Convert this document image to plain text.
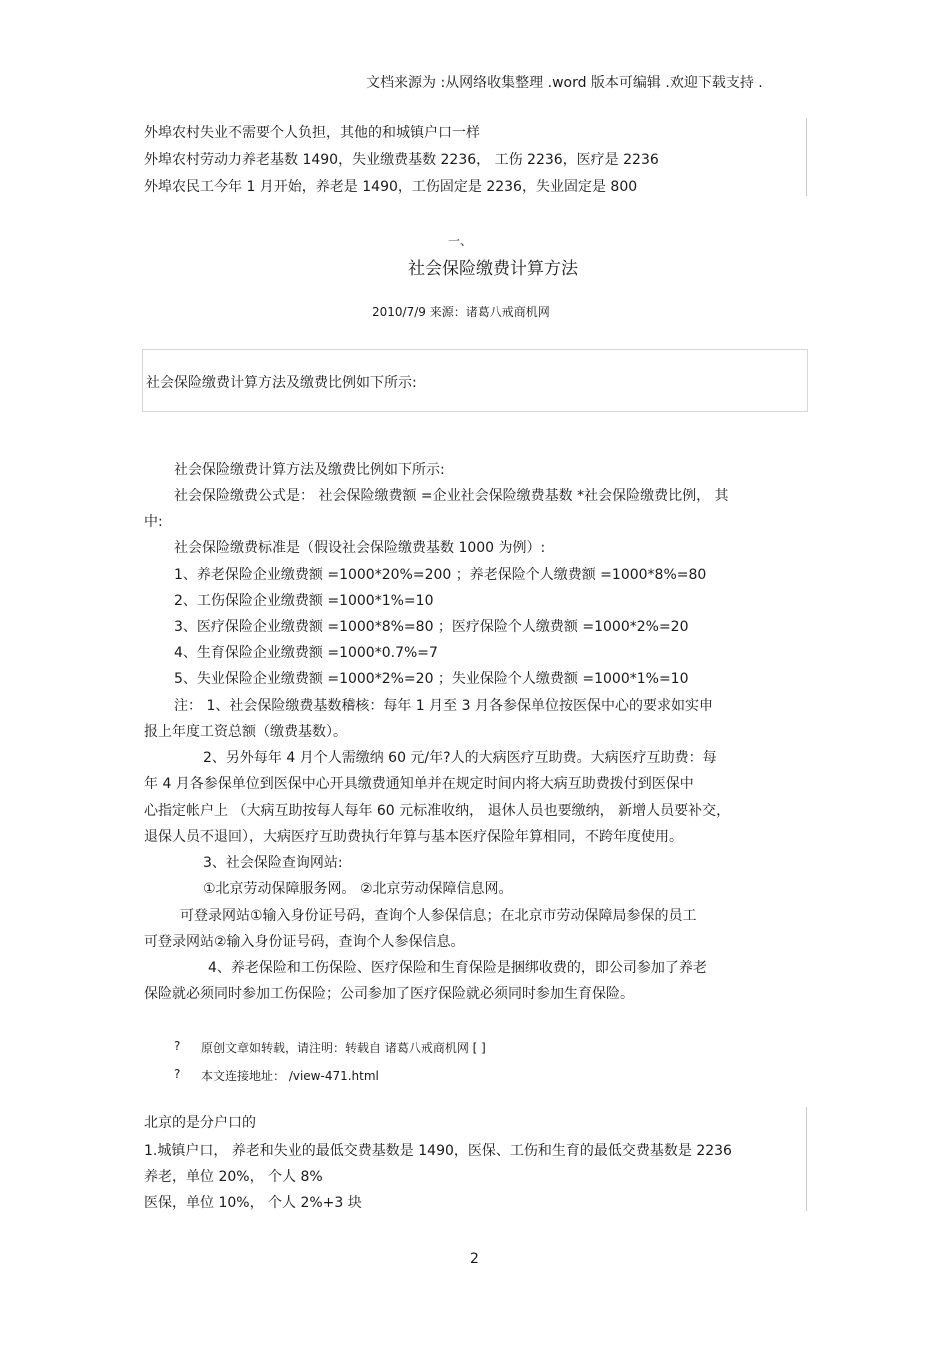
文档来源为 :从网络收集整理 .word 版本可编辑 .欢迎下载支持 .
外埠农村失业不需要个人负担，其他的和城镇户口一样
外埠农村劳动力养老基数 1490，失业缴费基数 2236， 工伤 2236，医疗是 2236
外埠农民工今年 1 月开始，养老是 1490，工伤固定是 2236，失业固定是 800
一、
社会保险缴费计算方法
2010/7/9 来源：诸葛八戒商机网
社会保险缴费计算方法及缴费比例如下所示:
社会保险缴费计算方法及缴费比例如下所示:
社会保险缴费公式是： 社会保险缴费额 =企业社会保险缴费基数 *社会保险缴费比例， 其
中:
社会保险缴费标准是（假设社会保险缴费基数 1000 为例）:
1、养老保险企业缴费额 =1000*20%=200 ；养老保险个人缴费额 =1000*8%=80
2、工伤保险企业缴费额 =1000*1%=10
3、医疗保险企业缴费额 =1000*8%=80 ；医疗保险个人缴费额 =1000*2%=20
4、生育保险企业缴费额 =1000*0.7%=7
5、失业保险企业缴费额 =1000*2%=20 ；失业保险个人缴费额 =1000*1%=10
注： 1、社会保险缴费基数稽核：每年 1 月至 3 月各参保单位按医保中心的要求如实申
报上年度工资总额（缴费基数）。
2、另外每年 4 月个人需缴纳 60 元/年?人的大病医疗互助费。大病医疗互助费：每
年 4 月各参保单位到医保中心开具缴费通知单并在规定时间内将大病互助费拨付到医保中
心指定帐户上 （大病互助按每人每年 60 元标准收纳， 退休人员也要缴纳， 新增人员要补交，
退保人员不退回），大病医疗互助费执行年算与基本医疗保险年算相同，不跨年度使用。
3、社会保险查询网站:
①北京劳动保障服务网。 ②北京劳动保障信息网。
可登录网站①输入身份证号码，查询个人参保信息；在北京市劳动保障局参保的员工
可登录网站②输入身份证号码，查询个人参保信息。
4、养老保险和工伤保险、医疗保险和生育保险是捆绑收费的，即公司参加了养老
保险就必须同时参加工伤保险；公司参加了医疗保险就必须同时参加生育保险。
? 原创文章如转载，请注明：转载自 诸葛八戒商机网 [ ]
? 本文连接地址： /view-471.html
北京的是分户口的
1.城镇户口， 养老和失业的最低交费基数是 1490，医保、工伤和生育的最低交费基数是 2236
养老，单位 20%， 个人 8%
医保，单位 10%， 个人 2%+3 块
2
